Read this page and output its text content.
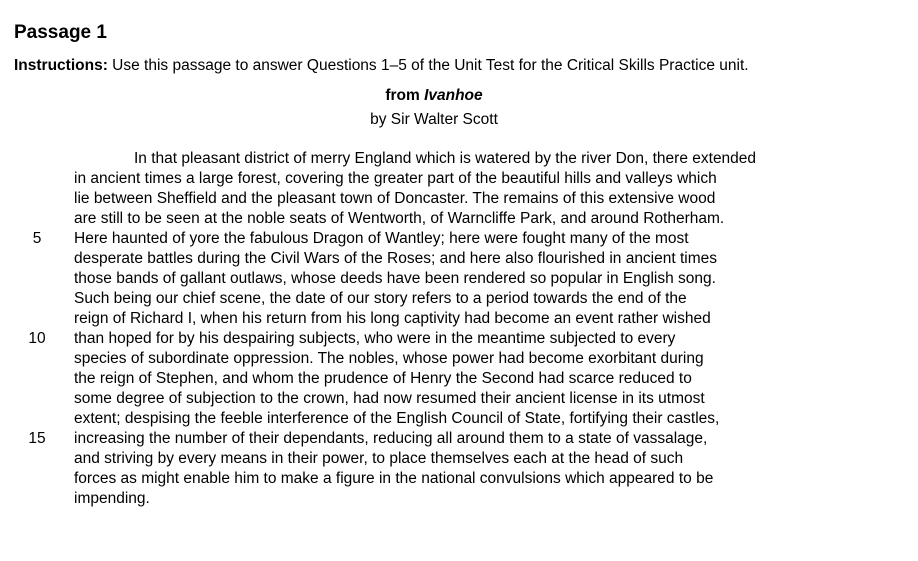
Passage 1

Instructions: Use this passage to answer Questions 1–5 of the Unit Test for the Critical Skills Practice unit.

from Ivanhoe
by Sir Walter Scott
In that pleasant district of merry England which is watered by the river Don, there extended
in ancient times a large forest, covering the greater part of the beautiful hills and valleys which
lie between Sheffield and the pleasant town of Doncaster. The remains of this extensive wood
are still to be seen at the noble seats of Wentworth, of Warncliffe Park, and around Rotherham.
5	Here haunted of yore the fabulous Dragon of Wantley; here were fought many of the most
desperate battles during the Civil Wars of the Roses; and here also flourished in ancient times
those bands of gallant outlaws, whose deeds have been rendered so popular in English song.
Such being our chief scene, the date of our story refers to a period towards the end of the
reign of Richard I, when his return from his long captivity had become an event rather wished
10	than hoped for by his despairing subjects, who were in the meantime subjected to every
species of subordinate oppression. The nobles, whose power had become exorbitant during
the reign of Stephen, and whom the prudence of Henry the Second had scarce reduced to
some degree of subjection to the crown, had now resumed their ancient license in its utmost
extent; despising the feeble interference of the English Council of State, fortifying their castles,
15	increasing the number of their dependants, reducing all around them to a state of vassalage,
and striving by every means in their power, to place themselves each at the head of such
forces as might enable him to make a figure in the national convulsions which appeared to be
impending.
